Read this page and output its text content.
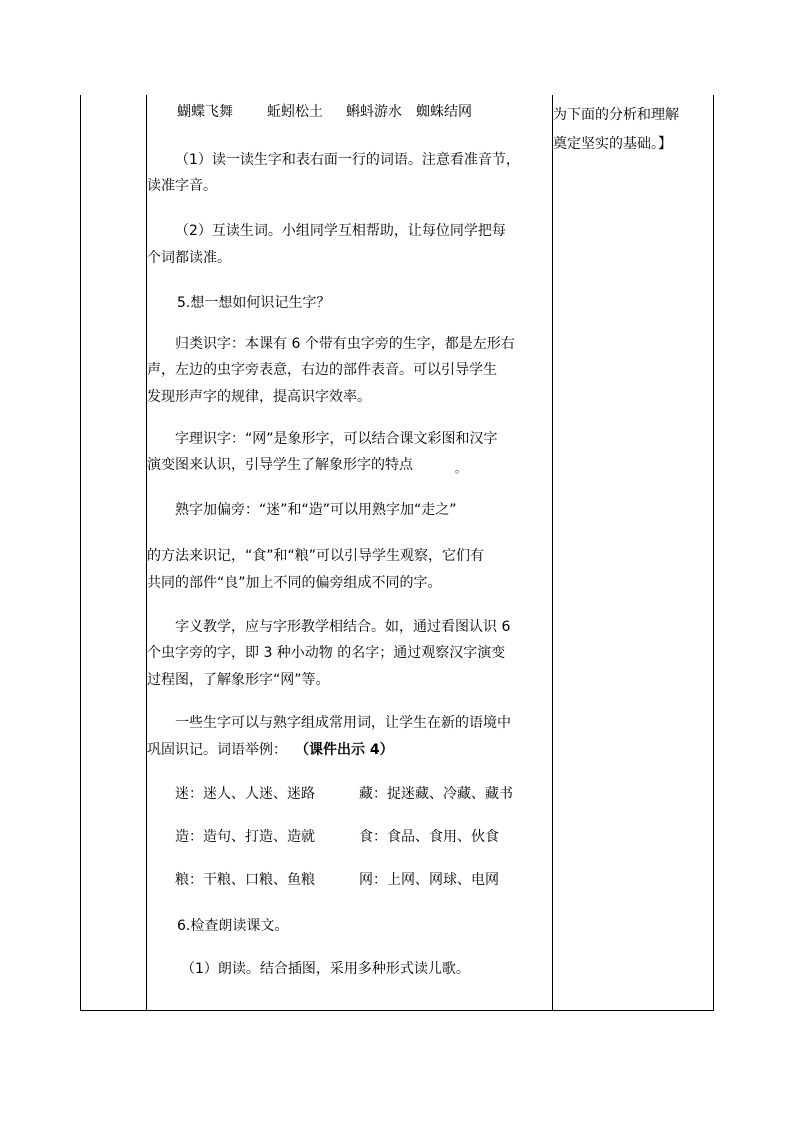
蝴蝶飞舞 蚯蚓松土 蝌蚪游水 蜘蛛结网
（1）读一读生字和表右面一行的词语。注意看准音节，
读准字音。
（2）互读生词。小组同学互相帮助，让每位同学把每
个词都读准。
5.想一想如何识记生字？
归类识字：本课有 6 个带有虫字旁的生字，都是左形右
声，左边的虫字旁表意，右边的部件表音。可以引导学生
发现形声字的规律，提高识字效率。
字理识字：“网”是象形字，可以结合课文彩图和汉字
演变图来认识，引导学生了解象形字的特点	。
熟字加偏旁：“迷”和“造”可以用熟字加“走之”
的方法来识记，“食”和“粮”可以引导学生观察，它们有
共同的部件“良”加上不同的偏旁组成不同的字。
字义教学，应与字形教学相结合。如，通过看图认识 6
个虫字旁的字，即 3 种小动物 的名字；通过观察汉字演变
过程图，了解象形字“网”等。
一些生字可以与熟字组成常用词，让学生在新的语境中
巩固识记。词语举例： （课件出示 4）
迷：迷人、人迷、迷路	藏：捉迷藏、冷藏、藏书
造：造句、打造、造就	食：食品、食用、伙食
粮：干粮、口粮、鱼粮	网：上网、网球、电网
6.检查朗读课文。
（1）朗读。结合插图，采用多种形式读儿歌。
为下面的分析和理解
奠定坚实的基础。】
